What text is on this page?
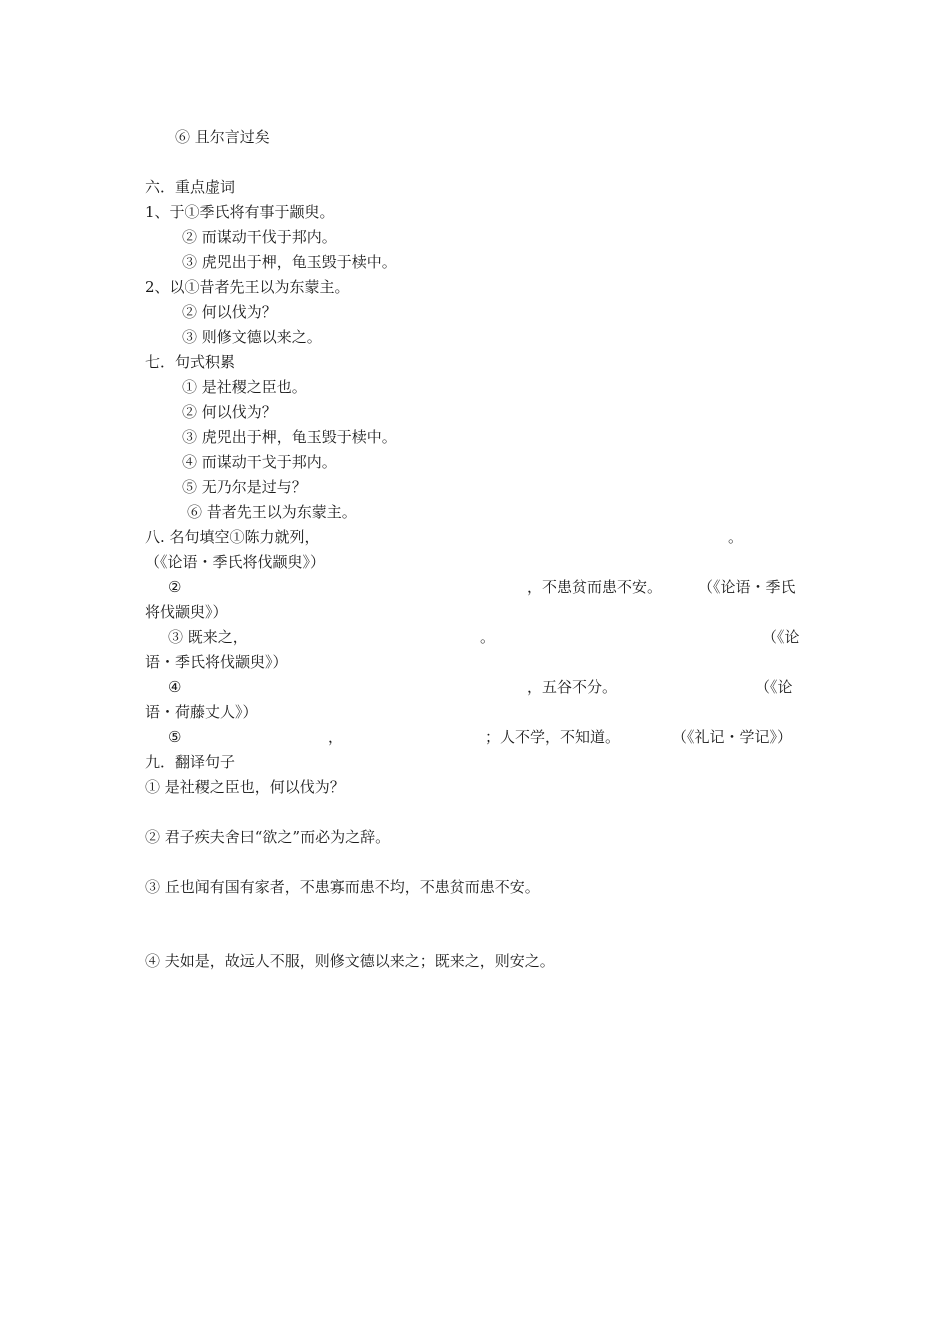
⑥ 且尔言过矣
六．重点虚词
1、于①季氏将有事于颛臾。
② 而谋动干伐于邦内。
③ 虎兕出于柙，龟玉毁于椟中。
2、以①昔者先王以为东蒙主。
② 何以伐为？
③ 则修文德以来之。
七．句式积累
① 是社稷之臣也。
② 何以伐为？
③ 虎兕出于柙，龟玉毁于椟中。
④ 而谋动干戈于邦内。
⑤ 无乃尔是过与？
⑥ 昔者先王以为东蒙主。
八. 名句填空①陈力就列，	。
（《论语・季氏将伐颛臾》）
②	，不患贫而患不安。 （《论语・季氏
将伐颛臾》）
③ 既来之，	。	（《论
语・季氏将伐颛臾》）
④	，五谷不分。	（《论
语・荷藤丈人》）
⑤	，	；人不学，不知道。	（《礼记・学记》）
九．翻译句子
① 是社稷之臣也，何以伐为？
② 君子疾夫舍曰“欲之”而必为之辞。
③ 丘也闻有国有家者，不患寡而患不均，不患贫而患不安。
④ 夫如是，故远人不服，则修文德以来之；既来之，则安之。
